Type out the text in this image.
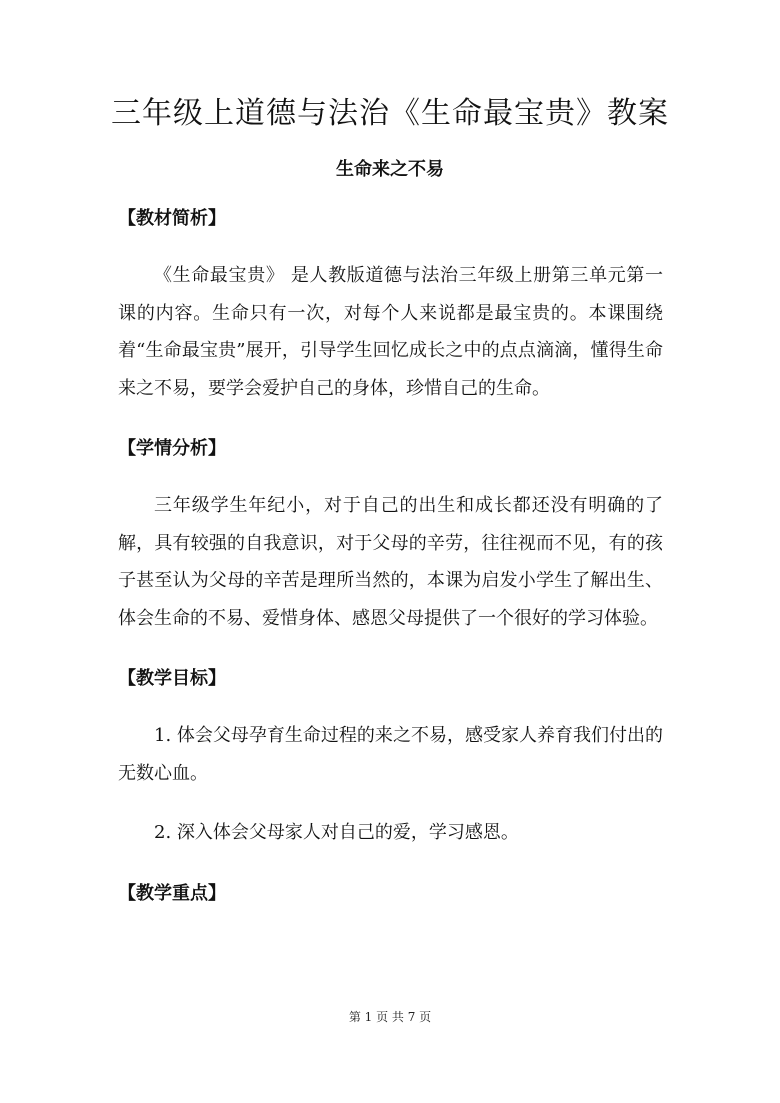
三年级上道德与法治《生命最宝贵》教案
生命来之不易

【教材简析】

《生命最宝贵》 是人教版道德与法治三年级上册第三单元第一课的内容。生命只有一次，对每个人来说都是最宝贵的。本课围绕着“生命最宝贵”展开，引导学生回忆成长之中的点点滴滴，懂得生命来之不易，要学会爱护自己的身体，珍惜自己的生命。

【学情分析】

三年级学生年纪小，对于自己的出生和成长都还没有明确的了解，具有较强的自我意识，对于父母的辛劳，往往视而不见，有的孩子甚至认为父母的辛苦是理所当然的，本课为启发小学生了解出生、体会生命的不易、爱惜身体、感恩父母提供了一个很好的学习体验。

【教学目标】

1. 体会父母孕育生命过程的来之不易，感受家人养育我们付出的无数心血。

2. 深入体会父母家人对自己的爱，学习感恩。

【教学重点】

第 1 页 共 7 页
